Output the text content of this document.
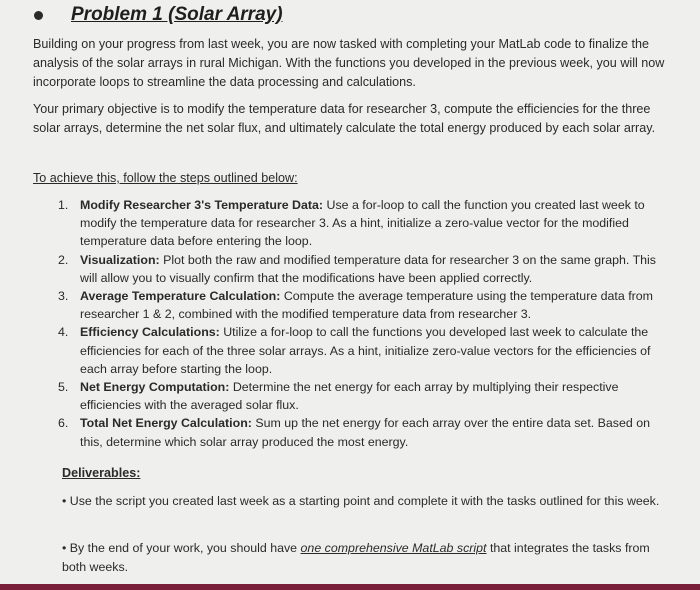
Problem 1 (Solar Array)
Building on your progress from last week, you are now tasked with completing your MatLab code to finalize the analysis of the solar arrays in rural Michigan. With the functions you developed in the previous week, you will now incorporate loops to streamline the data processing and calculations.
Your primary objective is to modify the temperature data for researcher 3, compute the efficiencies for the three solar arrays, determine the net solar flux, and ultimately calculate the total energy produced by each solar array.
To achieve this, follow the steps outlined below:
1. Modify Researcher 3's Temperature Data: Use a for-loop to call the function you created last week to modify the temperature data for researcher 3. As a hint, initialize a zero-value vector for the modified temperature data before entering the loop.
2. Visualization: Plot both the raw and modified temperature data for researcher 3 on the same graph. This will allow you to visually confirm that the modifications have been applied correctly.
3. Average Temperature Calculation: Compute the average temperature using the temperature data from researcher 1 & 2, combined with the modified temperature data from researcher 3.
4. Efficiency Calculations: Utilize a for-loop to call the functions you developed last week to calculate the efficiencies for each of the three solar arrays. As a hint, initialize zero-value vectors for the efficiencies of each array before starting the loop.
5. Net Energy Computation: Determine the net energy for each array by multiplying their respective efficiencies with the averaged solar flux.
6. Total Net Energy Calculation: Sum up the net energy for each array over the entire data set. Based on this, determine which solar array produced the most energy.
Deliverables:
• Use the script you created last week as a starting point and complete it with the tasks outlined for this week.
• By the end of your work, you should have one comprehensive MatLab script that integrates the tasks from both weeks.
